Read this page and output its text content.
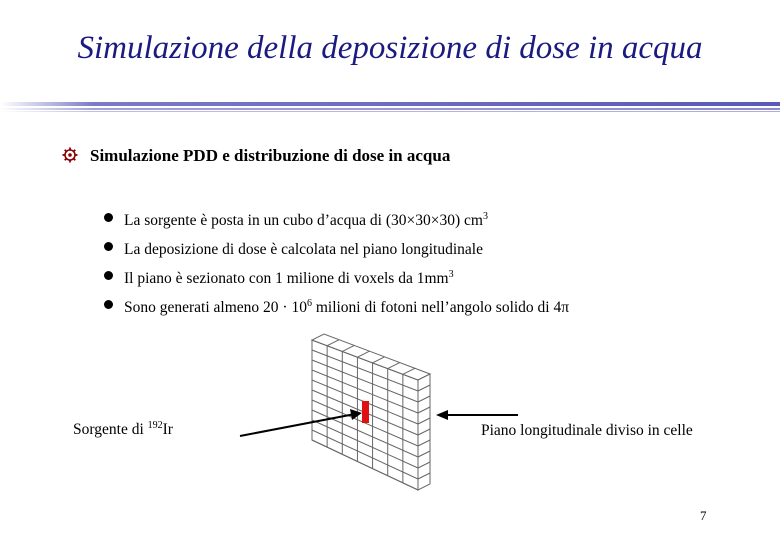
Simulazione della deposizione di dose in acqua
Simulazione PDD e distribuzione di dose in acqua
La sorgente è posta in un cubo d’acqua di (30×30×30) $cm^3$
La deposizione di dose è calcolata nel piano longitudinale
Il piano è sezionato con 1 milione di voxels da $1mm^3$
Sono generati almeno $20 \cdot 10^6$ milioni di fotoni nell’angolo solido di 4π
Sorgente di $^{192}$Ir	Piano longitudinale diviso in celle
7
